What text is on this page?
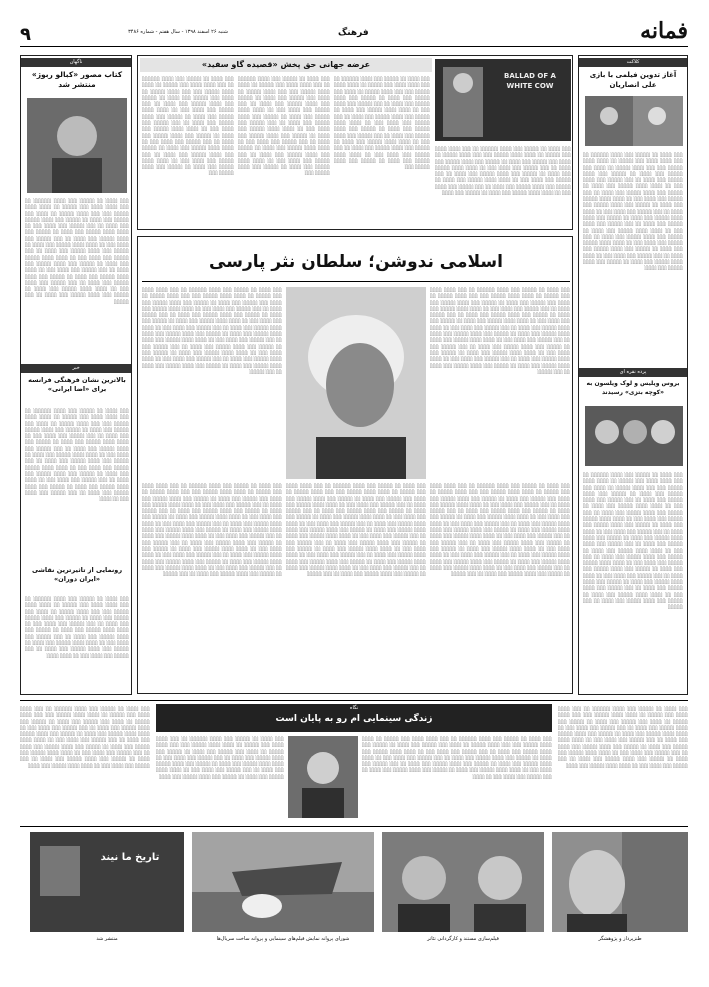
۹	شنبه ۲۶ اسفند ۱۳۹۸ - سال هفتم - شماره ۳۴۸۶	فرهنگ	فمانه
ناگهان
کتاب مصور «کبالو ربوژ» منتشر شد
░░░ ░░░░ ░░ ░░░░░ ░░░ ░░░░ ░░░░░░ ░░ ░░░ ░░░░ ░░░░ ░░░ ░░░░░ ░░ ░░░░ ░░░░ ░░░░░ ░░░ ░░░ ░░░░ ░░░░░ ░░ ░░░░ ░░░ ░░░░░ ░░░ ░░░░ ░░ ░░░░░ ░░░ ░░░░ ░░░░░ ░░░ ░░░░ ░░ ░░░ ░░░░░ ░░░ ░░░░ ░░░ ░░ ░░░░ ░░░░ ░░░░░ ░░░ ░░░░ ░░ ░░░░░ ░░░ ░░░░ ░░░░░ ░░░ ░░░░ ░░ ░░░ ░░░░░ ░░░ ░░░░ ░░░ ░░ ░░░░ ░░░░ ░░░░░ ░░░ ░░░░ ░░ ░░░░░ ░░░ ░░░░ ░░░░░ ░░░ ░░░░ ░░ ░░░ ░░░░░ ░░░ ░░░░ ░░░ ░░ ░░░░ ░░░░ ░░░░░ ░░░ ░░░░ ░░ ░░░░░ ░░░ ░░░░ ░░░░░ ░░░ ░░░░ ░░ ░░░ ░░░░░ ░░░ ░░░░ ░░░ ░░ ░░░░ ░░░░ ░░░░░ ░░░ ░░░░ ░░ ░░░░░ ░░░ ░░░░ ░░░░░ ░░░ ░░░░ ░░ ░░░ ░░░░░ ░░░ ░░░░ ░░░ ░░ ░░░░ ░░░░ ░░░░░ ░░░ ░░░░ ░░ ░░░░░ ░░░ ░░░░ ░░░░░ ░░░ ░░░░ ░░ ░░░ ░░░░░
خبر
بالاترین نشان فرهنگی فرانسه برای «اضا ایرانی»
░░░ ░░░░ ░░ ░░░░░ ░░░ ░░░░ ░░░░░░ ░░ ░░░ ░░░░ ░░░░ ░░░ ░░░░░ ░░ ░░░░ ░░░░ ░░░░░ ░░░ ░░░ ░░░░ ░░░░░ ░░ ░░░░ ░░░ ░░░░░ ░░░ ░░░░ ░░ ░░░░░ ░░░ ░░░░ ░░░░░ ░░░ ░░░░ ░░ ░░░ ░░░░░ ░░░ ░░░░ ░░░ ░░ ░░░░ ░░░░ ░░░░░ ░░░ ░░░░ ░░ ░░░░░ ░░░ ░░░░ ░░░░░ ░░░ ░░░░ ░░ ░░░ ░░░░░ ░░░ ░░░░ ░░░ ░░ ░░░░ ░░░░ ░░░░░ ░░░ ░░░░ ░░ ░░░░░ ░░░ ░░░░ ░░░░░ ░░░ ░░░░ ░░ ░░░ ░░░░░ ░░░ ░░░░ ░░░ ░░ ░░░░ ░░░░ ░░░░░ ░░░ ░░░░ ░░ ░░░░░ ░░░ ░░░░ ░░░░░ ░░░ ░░░░ ░░ ░░░ ░░░░░ ░░░ ░░░░ ░░░ ░░ ░░░░ ░░░░ ░░░░░ ░░░ ░░░░ ░░ ░░░░░ ░░░ ░░░░ ░░░░░ ░░░ ░░░░ ░░ ░░░ ░░░░░ ░░░ ░░░░ ░░░ ░░ ░░░░
رونمایی از تاثیرترین نقاشی «ایران دوران»
░░░ ░░░░ ░░ ░░░░░ ░░░ ░░░░ ░░░░░░ ░░ ░░░ ░░░░ ░░░░ ░░░ ░░░░░ ░░ ░░░░ ░░░░ ░░░░░ ░░░ ░░░ ░░░░ ░░░░░ ░░ ░░░░ ░░░ ░░░░░ ░░░ ░░░░ ░░ ░░░░░ ░░░ ░░░░ ░░░░░ ░░░ ░░░░ ░░ ░░░ ░░░░░ ░░░ ░░░░ ░░░ ░░ ░░░░ ░░░░ ░░░░░ ░░░ ░░░░ ░░ ░░░░░ ░░░ ░░░░ ░░░░░ ░░░ ░░░░ ░░ ░░░ ░░░░░ ░░░ ░░░░ ░░░ ░░ ░░░░ ░░░░ ░░░░░ ░░░ ░░░░ ░░ ░░░░░ ░░░ ░░░░ ░░░░░ ░░░ ░░░░ ░░ ░░░ ░░░░░ ░░░ ░░░░ ░░░ ░░ ░░░░ ░░░░
عرضه جهانی حق پخش «قصیده گاو سفید»
░░░ ░░░░ ░░ ░░░░░ ░░░ ░░░░ ░░░░░░ ░░ ░░░ ░░░░ ░░░░ ░░░ ░░░░░ ░░ ░░░░ ░░░░ ░░░░░ ░░░ ░░░ ░░░░ ░░░░░ ░░ ░░░░ ░░░ ░░░░░ ░░░ ░░░░ ░░ ░░░░░ ░░░ ░░░░ ░░░░░ ░░░ ░░░░ ░░ ░░░ ░░░░░ ░░░ ░░░░ ░░░ ░░ ░░░░ ░░░░ ░░░░░ ░░░ ░░░░ ░░ ░░░░░ ░░░ ░░░░ ░░░░░ ░░░ ░░░░ ░░ ░░░ ░░░░░ ░░░ ░░░░ ░░░ ░░ ░░░░ ░░░░ ░░░░░ ░░░ ░░░░ ░░ ░░░░░ ░░░ ░░░░ ░░░░░ ░░░ ░░░░ ░░ ░░░ ░░░░░ ░░░ ░░░░ ░░░ ░░ ░░░░ ░░░░ ░░░░░ ░░░ ░░░░ ░░ ░░░░░ ░░░ ░░░░ ░░░░░ ░░░ ░░░░ ░░ ░░░ ░░░░░ ░░░ ░░░░ ░░░ ░░ ░░░░ ░░░░ ░░░░░ ░░░ ░░░░ ░░ ░░░░░ ░░░ ░░░░ ░░░░░ ░░░
░░░ ░░░░ ░░ ░░░░░ ░░░ ░░░░ ░░░░░░ ░░ ░░░ ░░░░ ░░░░ ░░░ ░░░░░ ░░ ░░░░ ░░░░ ░░░░░ ░░░ ░░░ ░░░░ ░░░░░ ░░ ░░░░ ░░░ ░░░░░ ░░░ ░░░░ ░░ ░░░░░ ░░░ ░░░░ ░░░░░ ░░░ ░░░░ ░░ ░░░ ░░░░░ ░░░ ░░░░ ░░░ ░░ ░░░░ ░░░░ ░░░░░ ░░░ ░░░░ ░░ ░░░░░ ░░░ ░░░░ ░░░░░ ░░░ ░░░░ ░░ ░░░ ░░░░░ ░░░ ░░░░ ░░░ ░░ ░░░░ ░░░░ ░░░░░ ░░░ ░░░░ ░░ ░░░░░ ░░░ ░░░░ ░░░░░ ░░░ ░░░░ ░░ ░░░ ░░░░░ ░░░ ░░░░ ░░░ ░░ ░░░░ ░░░░ ░░░░░ ░░░ ░░░░ ░░ ░░░░░ ░░░ ░░░░ ░░░░░ ░░░ ░░░░ ░░ ░░░ ░░░░░ ░░░ ░░░░ ░░░ ░░ ░░░░ ░░░░ ░░░░░ ░░░ ░░░░ ░░ ░░░░░ ░░░ ░░░░ ░░░░░ ░░░
░░░ ░░░░ ░░ ░░░░░ ░░░ ░░░░ ░░░░░░ ░░ ░░░ ░░░░ ░░░░ ░░░ ░░░░░ ░░ ░░░░ ░░░░ ░░░░░ ░░░ ░░░ ░░░░ ░░░░░ ░░ ░░░░ ░░░ ░░░░░ ░░░ ░░░░ ░░ ░░░░░ ░░░ ░░░░ ░░░░░ ░░░ ░░░░ ░░ ░░░ ░░░░░ ░░░ ░░░░ ░░░ ░░ ░░░░ ░░░░ ░░░░░ ░░░ ░░░░ ░░ ░░░░░ ░░░ ░░░░ ░░░░░ ░░░ ░░░░ ░░ ░░░ ░░░░░ ░░░ ░░░░ ░░░ ░░ ░░░░ ░░░░ ░░░░░ ░░░ ░░░░ ░░ ░░░░░ ░░░ ░░░░ ░░░░░ ░░░ ░░░░ ░░ ░░░ ░░░░░ ░░░ ░░░░ ░░░ ░░ ░░░░ ░░░░ ░░░░░ ░░░ ░░░░ ░░ ░░░░░ ░░░ ░░░░ ░░░░░ ░░░ ░░░░ ░░ ░░░ ░░░░░ ░░░ ░░░░ ░░░ ░░ ░░░░ ░░░░ ░░░░░ ░░░ ░░░░ ░░ ░░░░░ ░░░ ░░░░ ░░░░░ ░░░
BALLAD OF A WHITE COW
░░░ ░░░░ ░░ ░░░░░ ░░░ ░░░░ ░░░░░░ ░░ ░░░ ░░░░ ░░░░ ░░░ ░░░░░ ░░ ░░░░ ░░░░ ░░░░░ ░░░ ░░░ ░░░░ ░░░░░ ░░ ░░░░ ░░░ ░░░░░ ░░░ ░░░░ ░░ ░░░░░ ░░░ ░░░░ ░░░░░ ░░░ ░░░░ ░░ ░░░ ░░░░░ ░░░ ░░░░ ░░░ ░░ ░░░░ ░░░░ ░░░░░ ░░░ ░░░░ ░░ ░░░░░ ░░░ ░░░░ ░░░░░ ░░░ ░░░░ ░░ ░░░ ░░░░░ ░░░ ░░░░ ░░░ ░░ ░░░░ ░░░░ ░░░░░ ░░░ ░░░░ ░░ ░░░░░ ░░░ ░░░░ ░░░░░ ░░░ ░░░░ ░░ ░░░ ░░░░░ ░░░ ░░░░ ░░░ ░░ ░░░░ ░░░░ ░░░░░ ░░░ ░░░░ ░░ ░░░░░ ░░░ ░░░░
اسلامی ندوشن؛ سلطان نثر پارسی
░░░ ░░░░ ░░ ░░░░░ ░░░ ░░░░ ░░░░░░ ░░ ░░░ ░░░░ ░░░░ ░░░ ░░░░░ ░░ ░░░░ ░░░░ ░░░░░ ░░░ ░░░ ░░░░ ░░░░░ ░░ ░░░░ ░░░ ░░░░░ ░░░ ░░░░ ░░ ░░░░░ ░░░ ░░░░ ░░░░░ ░░░ ░░░░ ░░ ░░░ ░░░░░ ░░░ ░░░░ ░░░ ░░ ░░░░ ░░░░ ░░░░░ ░░░ ░░░░ ░░ ░░░░░ ░░░ ░░░░ ░░░░░ ░░░ ░░░░ ░░ ░░░ ░░░░░ ░░░ ░░░░ ░░░ ░░ ░░░░ ░░░░ ░░░░░ ░░░ ░░░░ ░░ ░░░░░ ░░░ ░░░░ ░░░░░ ░░░ ░░░░ ░░ ░░░ ░░░░░ ░░░ ░░░░ ░░░ ░░ ░░░░ ░░░░ ░░░░░ ░░░ ░░░░ ░░ ░░░░░ ░░░ ░░░░ ░░░░░ ░░░ ░░░░ ░░ ░░░ ░░░░░ ░░░ ░░░░ ░░░ ░░ ░░░░ ░░░░ ░░░░░ ░░░ ░░░░ ░░ ░░░░░ ░░░ ░░░░ ░░░░░ ░░░ ░░░░ ░░ ░░░ ░░░░░ ░░░ ░░░░ ░░░ ░░ ░░░░ ░░░░ ░░░░░ ░░░ ░░░░ ░░ ░░░░░ ░░░ ░░░░ ░░░░░ ░░░ ░░░░ ░░ ░░░ ░░░░░ ░░░ ░░░░ ░░░ ░░ ░░░░ ░░░░ ░░░░░ ░░░ ░░░░ ░░ ░░░░░ ░░░ ░░░░ ░░░░░ ░░░ ░░░░ ░░ ░░░ ░░░░░
░░░ ░░░░ ░░ ░░░░░ ░░░ ░░░░ ░░░░░░ ░░ ░░░ ░░░░ ░░░░ ░░░ ░░░░░ ░░ ░░░░ ░░░░ ░░░░░ ░░░ ░░░ ░░░░ ░░░░░ ░░ ░░░░ ░░░ ░░░░░ ░░░ ░░░░ ░░ ░░░░░ ░░░ ░░░░ ░░░░░ ░░░ ░░░░ ░░ ░░░ ░░░░░ ░░░ ░░░░ ░░░ ░░ ░░░░ ░░░░ ░░░░░ ░░░ ░░░░ ░░ ░░░░░ ░░░ ░░░░ ░░░░░ ░░░ ░░░░ ░░ ░░░ ░░░░░ ░░░ ░░░░ ░░░ ░░ ░░░░ ░░░░ ░░░░░ ░░░ ░░░░ ░░ ░░░░░ ░░░ ░░░░ ░░░░░ ░░░ ░░░░ ░░ ░░░ ░░░░░ ░░░ ░░░░ ░░░ ░░ ░░░░ ░░░░ ░░░░░ ░░░ ░░░░ ░░ ░░░░░ ░░░ ░░░░ ░░░░░ ░░░ ░░░░ ░░ ░░░ ░░░░░ ░░░ ░░░░ ░░░ ░░ ░░░░ ░░░░ ░░░░░ ░░░ ░░░░ ░░ ░░░░░ ░░░ ░░░░ ░░░░░ ░░░ ░░░░ ░░ ░░░ ░░░░░ ░░░ ░░░░ ░░░ ░░ ░░░░ ░░░░ ░░░░░ ░░░ ░░░░ ░░ ░░░░░ ░░░ ░░░░ ░░░░░ ░░░ ░░░░ ░░ ░░░ ░░░░░ ░░░ ░░░░ ░░░ ░░ ░░░░ ░░░░ ░░░░░ ░░░ ░░░░ ░░ ░░░░░ ░░░ ░░░░ ░░░░░ ░░░ ░░░░ ░░ ░░░ ░░░░░
░░░ ░░░░ ░░ ░░░░░ ░░░ ░░░░ ░░░░░░ ░░ ░░░ ░░░░ ░░░░ ░░░ ░░░░░ ░░ ░░░░ ░░░░ ░░░░░ ░░░ ░░░ ░░░░ ░░░░░ ░░ ░░░░ ░░░ ░░░░░ ░░░ ░░░░ ░░ ░░░░░ ░░░ ░░░░ ░░░░░ ░░░ ░░░░ ░░ ░░░ ░░░░░ ░░░ ░░░░ ░░░ ░░ ░░░░ ░░░░ ░░░░░ ░░░ ░░░░ ░░ ░░░░░ ░░░ ░░░░ ░░░░░ ░░░ ░░░░ ░░ ░░░ ░░░░░ ░░░ ░░░░ ░░░ ░░ ░░░░ ░░░░ ░░░░░ ░░░ ░░░░ ░░ ░░░░░ ░░░ ░░░░ ░░░░░ ░░░ ░░░░ ░░ ░░░ ░░░░░ ░░░ ░░░░ ░░░ ░░ ░░░░ ░░░░ ░░░░░ ░░░ ░░░░ ░░ ░░░░░ ░░░ ░░░░ ░░░░░ ░░░ ░░░░ ░░ ░░░ ░░░░░ ░░░ ░░░░ ░░░ ░░ ░░░░ ░░░░ ░░░░░ ░░░ ░░░░ ░░ ░░░░░ ░░░ ░░░░ ░░░░░ ░░░ ░░░░ ░░ ░░░ ░░░░░ ░░░ ░░░░ ░░░ ░░ ░░░░ ░░░░ ░░░░░ ░░░ ░░░░ ░░ ░░░░░ ░░░ ░░░░ ░░░░░ ░░░ ░░░░ ░░ ░░░ ░░░░░ ░░░ ░░░░ ░░░ ░░ ░░░░ ░░░░ ░░░░░ ░░░ ░░░░ ░░ ░░░░░ ░░░ ░░░░ ░░░░░ ░░░ ░░░░ ░░ ░░░ ░░░░░ ░░░ ░░░░ ░░░ ░░ ░░░░ ░░░░ ░░░░░ ░░░ ░░░░ ░░ ░░░░░ ░░░ ░░░░ ░░░░░ ░░░ ░░░░ ░░ ░░░ ░░░░░
░░░ ░░░░ ░░ ░░░░░ ░░░ ░░░░ ░░░░░░ ░░ ░░░ ░░░░ ░░░░ ░░░ ░░░░░ ░░ ░░░░ ░░░░ ░░░░░ ░░░ ░░░ ░░░░ ░░░░░ ░░ ░░░░ ░░░ ░░░░░ ░░░ ░░░░ ░░ ░░░░░ ░░░ ░░░░ ░░░░░ ░░░ ░░░░ ░░ ░░░ ░░░░░ ░░░ ░░░░ ░░░ ░░ ░░░░ ░░░░ ░░░░░ ░░░ ░░░░ ░░ ░░░░░ ░░░ ░░░░ ░░░░░ ░░░ ░░░░ ░░ ░░░ ░░░░░ ░░░ ░░░░ ░░░ ░░ ░░░░ ░░░░ ░░░░░ ░░░ ░░░░ ░░ ░░░░░ ░░░ ░░░░ ░░░░░ ░░░ ░░░░ ░░ ░░░ ░░░░░ ░░░ ░░░░ ░░░ ░░ ░░░░ ░░░░ ░░░░░ ░░░ ░░░░ ░░ ░░░░░ ░░░ ░░░░ ░░░░░ ░░░ ░░░░ ░░ ░░░ ░░░░░ ░░░ ░░░░ ░░░ ░░ ░░░░ ░░░░ ░░░░░ ░░░ ░░░░ ░░ ░░░░░ ░░░ ░░░░ ░░░░░ ░░░ ░░░░ ░░ ░░░ ░░░░░ ░░░ ░░░░ ░░░ ░░ ░░░░ ░░░░ ░░░░░ ░░░ ░░░░ ░░ ░░░░░ ░░░ ░░░░ ░░░░░ ░░░ ░░░░ ░░ ░░░ ░░░░░ ░░░ ░░░░ ░░░ ░░ ░░░░ ░░░░ ░░░░░ ░░░ ░░░░ ░░ ░░░░░ ░░░ ░░░░ ░░░░░ ░░░ ░░░░ ░░ ░░░ ░░░░░ ░░░ ░░░░ ░░░ ░░ ░░░░ ░░░░ ░░░░░ ░░░ ░░░░ ░░ ░░░░░ ░░░ ░░░░ ░░░░░ ░░░ ░░░░ ░░ ░░░ ░░░░░
░░░ ░░░░ ░░ ░░░░░ ░░░ ░░░░ ░░░░░░ ░░ ░░░ ░░░░ ░░░░ ░░░ ░░░░░ ░░ ░░░░ ░░░░ ░░░░░ ░░░ ░░░ ░░░░ ░░░░░ ░░ ░░░░ ░░░ ░░░░░ ░░░ ░░░░ ░░ ░░░░░ ░░░ ░░░░ ░░░░░ ░░░ ░░░░ ░░ ░░░ ░░░░░ ░░░ ░░░░ ░░░ ░░ ░░░░ ░░░░ ░░░░░ ░░░ ░░░░ ░░ ░░░░░ ░░░ ░░░░ ░░░░░ ░░░ ░░░░ ░░ ░░░ ░░░░░ ░░░ ░░░░ ░░░ ░░ ░░░░ ░░░░ ░░░░░ ░░░ ░░░░ ░░ ░░░░░ ░░░ ░░░░ ░░░░░ ░░░ ░░░░ ░░ ░░░ ░░░░░ ░░░ ░░░░ ░░░ ░░ ░░░░ ░░░░ ░░░░░ ░░░ ░░░░ ░░ ░░░░░ ░░░ ░░░░ ░░░░░ ░░░ ░░░░ ░░ ░░░ ░░░░░ ░░░ ░░░░ ░░░ ░░ ░░░░ ░░░░ ░░░░░ ░░░ ░░░░ ░░ ░░░░░ ░░░ ░░░░ ░░░░░ ░░░ ░░░░ ░░ ░░░ ░░░░░ ░░░ ░░░░ ░░░ ░░ ░░░░ ░░░░ ░░░░░ ░░░ ░░░░ ░░ ░░░░░ ░░░ ░░░░ ░░░░░ ░░░ ░░░░ ░░ ░░░ ░░░░░ ░░░ ░░░░ ░░░ ░░ ░░░░ ░░░░ ░░░░░ ░░░ ░░░░ ░░ ░░░░░ ░░░ ░░░░ ░░░░░ ░░░ ░░░░ ░░ ░░░ ░░░░░ ░░░ ░░░░ ░░░ ░░ ░░░░ ░░░░ ░░░░░ ░░░ ░░░░ ░░ ░░░░░ ░░░ ░░░░ ░░░░░ ░░░ ░░░░ ░░ ░░░ ░░░░░
کلاکت
آغاز تدوین فیلمی با بازی علی انصاریان
░░░ ░░░░ ░░ ░░░░░ ░░░ ░░░░ ░░░░░░ ░░ ░░░ ░░░░ ░░░░ ░░░ ░░░░░ ░░ ░░░░ ░░░░ ░░░░░ ░░░ ░░░ ░░░░ ░░░░░ ░░ ░░░░ ░░░ ░░░░░ ░░░ ░░░░ ░░ ░░░░░ ░░░ ░░░░ ░░░░░ ░░░ ░░░░ ░░ ░░░ ░░░░░ ░░░ ░░░░ ░░░ ░░ ░░░░ ░░░░ ░░░░░ ░░░ ░░░░ ░░ ░░░░░ ░░░ ░░░░ ░░░░░ ░░░ ░░░░ ░░ ░░░ ░░░░░ ░░░ ░░░░ ░░░ ░░ ░░░░ ░░░░ ░░░░░ ░░░ ░░░░ ░░ ░░░░░ ░░░ ░░░░ ░░░░░ ░░░ ░░░░ ░░ ░░░ ░░░░░ ░░░ ░░░░ ░░░ ░░ ░░░░ ░░░░ ░░░░░ ░░░ ░░░░ ░░ ░░░░░ ░░░ ░░░░ ░░░░░ ░░░ ░░░░ ░░ ░░░ ░░░░░ ░░░ ░░░░ ░░░ ░░ ░░░░ ░░░░ ░░░░░ ░░░ ░░░░ ░░ ░░░░░ ░░░ ░░░░ ░░░░░ ░░░ ░░░░ ░░ ░░░ ░░░░░ ░░░ ░░░░ ░░░ ░░ ░░░░ ░░░░ ░░░░░ ░░░ ░░░░ ░░ ░░░░░ ░░░ ░░░░ ░░░░░ ░░░ ░░░░ ░░ ░░░ ░░░░░ ░░░ ░░░░ ░░░ ░░ ░░░░ ░░░░ ░░░░░ ░░░ ░░░░ ░░ ░░░░░ ░░░ ░░░░ ░░░░░ ░░░ ░░░░
پرده نقره ای
بروس ویلیس و لوک ویلسون به «کوچه بتزی» رسیدند
░░░ ░░░░ ░░ ░░░░░ ░░░ ░░░░ ░░░░░░ ░░ ░░░ ░░░░ ░░░░ ░░░ ░░░░░ ░░ ░░░░ ░░░░ ░░░░░ ░░░ ░░░ ░░░░ ░░░░░ ░░ ░░░░ ░░░ ░░░░░ ░░░ ░░░░ ░░ ░░░░░ ░░░ ░░░░ ░░░░░ ░░░ ░░░░ ░░ ░░░ ░░░░░ ░░░ ░░░░ ░░░ ░░ ░░░░ ░░░░ ░░░░░ ░░░ ░░░░ ░░ ░░░░░ ░░░ ░░░░ ░░░░░ ░░░ ░░░░ ░░ ░░░ ░░░░░ ░░░ ░░░░ ░░░ ░░ ░░░░ ░░░░ ░░░░░ ░░░ ░░░░ ░░ ░░░░░ ░░░ ░░░░ ░░░░░ ░░░ ░░░░ ░░ ░░░ ░░░░░ ░░░ ░░░░ ░░░ ░░ ░░░░ ░░░░ ░░░░░ ░░░ ░░░░ ░░ ░░░░░ ░░░ ░░░░ ░░░░░ ░░░ ░░░░ ░░ ░░░ ░░░░░ ░░░ ░░░░ ░░░ ░░ ░░░░ ░░░░ ░░░░░ ░░░ ░░░░ ░░ ░░░░░ ░░░ ░░░░ ░░░░░ ░░░ ░░░░ ░░ ░░░ ░░░░░ ░░░ ░░░░ ░░░ ░░ ░░░░ ░░░░ ░░░░░ ░░░ ░░░░ ░░ ░░░░░ ░░░ ░░░░ ░░░░░ ░░░ ░░░░ ░░ ░░░ ░░░░░ ░░░ ░░░░ ░░░ ░░ ░░░░ ░░░░ ░░░░░ ░░░ ░░░░ ░░ ░░░░░ ░░░ ░░░░ ░░░░░ ░░░ ░░░░ ░░ ░░░ ░░░░░ ░░░ ░░░░ ░░░ ░░ ░░░░ ░░░░ ░░░░░ ░░░ ░░░░ ░░ ░░░░░ ░░░ ░░░░ ░░░░░ ░░░ ░░░░ ░░ ░░░ ░░░░░
░░░ ░░░░ ░░ ░░░░░ ░░░ ░░░░ ░░░░░░ ░░ ░░░ ░░░░ ░░░░ ░░░ ░░░░░ ░░ ░░░░ ░░░░ ░░░░░ ░░░ ░░░ ░░░░ ░░░░░ ░░ ░░░░ ░░░ ░░░░░ ░░░ ░░░░ ░░ ░░░░░ ░░░ ░░░░ ░░░░░ ░░░ ░░░░ ░░ ░░░ ░░░░░ ░░░ ░░░░ ░░░ ░░ ░░░░ ░░░░ ░░░░░ ░░░ ░░░░ ░░ ░░░░░ ░░░ ░░░░ ░░░░░ ░░░ ░░░░ ░░ ░░░ ░░░░░ ░░░ ░░░░ ░░░ ░░ ░░░░ ░░░░ ░░░░░ ░░░ ░░░░ ░░ ░░░░░ ░░░ ░░░░ ░░░░░ ░░░ ░░░░ ░░ ░░░ ░░░░░ ░░░ ░░░░ ░░░ ░░ ░░░░ ░░░░ ░░░░░ ░░░ ░░░░ ░░ ░░░░░ ░░░ ░░░░ ░░░░░ ░░░ ░░░░ ░░ ░░░ ░░░░░ ░░░ ░░░░ ░░░ ░░ ░░░░ ░░░░ ░░░░░ ░░░ ░░░░
نگاه
زندگی سینمایی ام رو به پایان است
░░░ ░░░░ ░░ ░░░░░ ░░░ ░░░░ ░░░░░░ ░░ ░░░ ░░░░ ░░░░ ░░░ ░░░░░ ░░ ░░░░ ░░░░ ░░░░░ ░░░ ░░░ ░░░░ ░░░░░ ░░ ░░░░ ░░░ ░░░░░ ░░░ ░░░░ ░░ ░░░░░ ░░░ ░░░░ ░░░░░ ░░░ ░░░░ ░░ ░░░ ░░░░░ ░░░ ░░░░ ░░░ ░░ ░░░░ ░░░░ ░░░░░ ░░░ ░░░░ ░░ ░░░░░ ░░░ ░░░░ ░░░░░ ░░░ ░░░░ ░░ ░░░ ░░░░░ ░░░ ░░░░ ░░░ ░░ ░░░░ ░░░░ ░░░░░ ░░░ ░░░░ ░░ ░░░░░ ░░░ ░░░░ ░░░░░ ░░░ ░░░░
░░░ ░░░░ ░░ ░░░░░ ░░░ ░░░░ ░░░░░░ ░░ ░░░ ░░░░ ░░░░ ░░░ ░░░░░ ░░ ░░░░ ░░░░ ░░░░░ ░░░ ░░░ ░░░░ ░░░░░ ░░ ░░░░ ░░░ ░░░░░ ░░░ ░░░░ ░░ ░░░░░ ░░░ ░░░░ ░░░░░ ░░░ ░░░░ ░░ ░░░ ░░░░░ ░░░ ░░░░ ░░░ ░░ ░░░░ ░░░░ ░░░░░ ░░░ ░░░░ ░░ ░░░░░ ░░░ ░░░░ ░░░░░ ░░░ ░░░░ ░░ ░░░ ░░░░░ ░░░ ░░░░ ░░░ ░░ ░░░░ ░░░░ ░░░░░ ░░░ ░░░░ ░░ ░░░░░ ░░░ ░░░░ ░░░░░ ░░░ ░░░░ ░░ ░░░ ░░░░░ ░░░ ░░░░ ░░░ ░░ ░░░░ ░░░░ ░░░░░ ░░░ ░░░░ ░░ ░░░░░ ░░░ ░░░░ ░░░░░ ░░░ ░░░░ ░░ ░░░ ░░░░░ ░░░ ░░░░ ░░░ ░░ ░░░░
░░░ ░░░░ ░░ ░░░░░ ░░░ ░░░░ ░░░░░░ ░░ ░░░ ░░░░ ░░░░ ░░░ ░░░░░ ░░ ░░░░ ░░░░ ░░░░░ ░░░ ░░░ ░░░░ ░░░░░ ░░ ░░░░ ░░░ ░░░░░ ░░░ ░░░░ ░░ ░░░░░ ░░░ ░░░░ ░░░░░ ░░░ ░░░░ ░░ ░░░ ░░░░░ ░░░ ░░░░ ░░░ ░░ ░░░░ ░░░░ ░░░░░ ░░░ ░░░░ ░░ ░░░░░ ░░░ ░░░░ ░░░░░ ░░░ ░░░░ ░░ ░░░ ░░░░░ ░░░ ░░░░ ░░░ ░░ ░░░░ ░░░░ ░░░░░ ░░░ ░░░░ ░░ ░░░░░ ░░░ ░░░░ ░░░░░ ░░░ ░░░░ ░░ ░░░ ░░░░░ ░░░ ░░░░ ░░░ ░░ ░░░░ ░░░░ ░░░░░ ░░░ ░░░░ ░░ ░░░░░ ░░░ ░░░░ ░░░░░ ░░░ ░░░░ ░░ ░░░ ░░░░░ ░░░ ░░░░ ░░░ ░░ ░░░░ ░░░░ ░░░░░ ░░░ ░░░░
طنزپرداز و پژوهشگر
فیلم‌سازی مستند و کارگردانی تئاتر
شورای پروانه نمایش فیلم‌های سینمایی و پروانه ساخت سریال‌ها
تاریخ ما نیند
منتشر شد
